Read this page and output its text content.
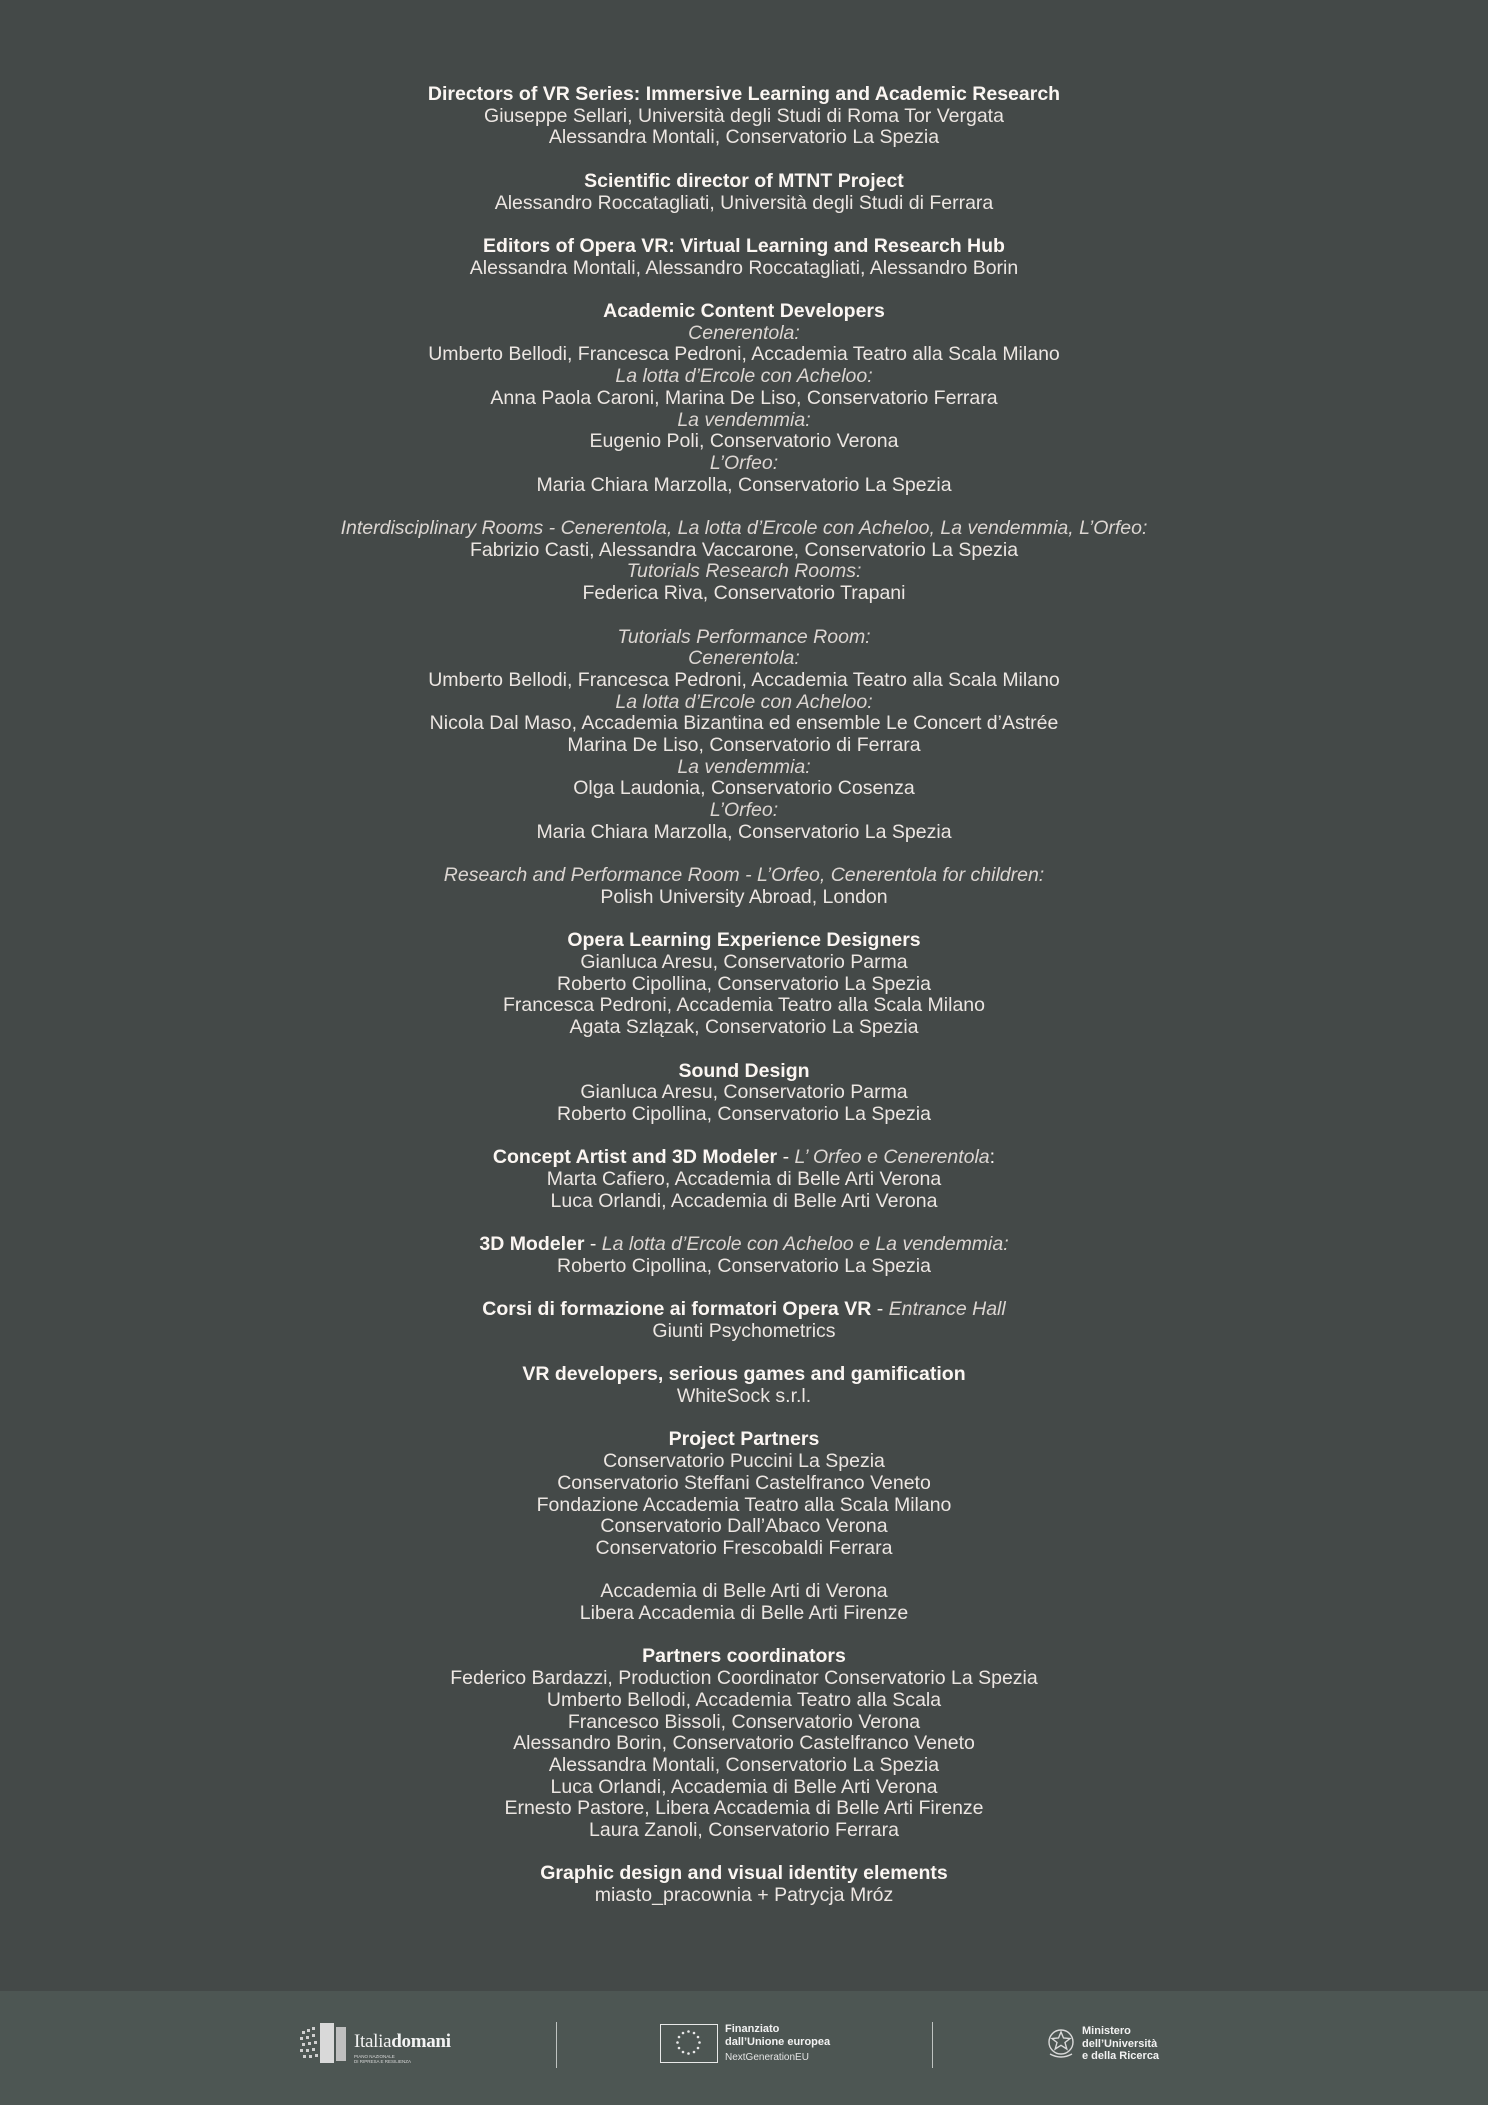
Directors of VR Series: Immersive Learning and Academic Research
Giuseppe Sellari, Università degli Studi di Roma Tor Vergata
Alessandra Montali, Conservatorio La Spezia
Scientific director of MTNT Project
Alessandro Roccatagliati, Università degli Studi di Ferrara
Editors of Opera VR: Virtual Learning and Research Hub
Alessandra Montali, Alessandro Roccatagliati, Alessandro Borin
Academic Content Developers
Cenerentola:
Umberto Bellodi, Francesca Pedroni, Accademia Teatro alla Scala Milano
La lotta d’Ercole con Acheloo:
Anna Paola Caroni, Marina De Liso, Conservatorio Ferrara
La vendemmia:
Eugenio Poli, Conservatorio Verona
L’Orfeo:
Maria Chiara Marzolla, Conservatorio La Spezia
Interdisciplinary Rooms - Cenerentola, La lotta d’Ercole con Acheloo, La vendemmia, L’Orfeo:
Fabrizio Casti, Alessandra Vaccarone, Conservatorio La Spezia
Tutorials Research Rooms:
Federica Riva, Conservatorio Trapani
Tutorials Performance Room:
Cenerentola:
Umberto Bellodi, Francesca Pedroni, Accademia Teatro alla Scala Milano
La lotta d’Ercole con Acheloo:
Nicola Dal Maso, Accademia Bizantina ed ensemble Le Concert d’Astrée
Marina De Liso, Conservatorio di Ferrara
La vendemmia:
Olga Laudonia, Conservatorio Cosenza
L’Orfeo:
Maria Chiara Marzolla, Conservatorio La Spezia
Research and Performance Room - L’Orfeo, Cenerentola for children:
Polish University Abroad, London
Opera Learning Experience Designers
Gianluca Aresu, Conservatorio Parma
Roberto Cipollina, Conservatorio La Spezia
Francesca Pedroni, Accademia Teatro alla Scala Milano
Agata Szlązak, Conservatorio La Spezia
Sound Design
Gianluca Aresu, Conservatorio Parma
Roberto Cipollina, Conservatorio La Spezia
Concept Artist and 3D Modeler - L’ Orfeo e Cenerentola:
Marta Cafiero, Accademia di Belle Arti Verona
Luca Orlandi, Accademia di Belle Arti Verona
3D Modeler - La lotta d’Ercole con Acheloo e La vendemmia:
Roberto Cipollina, Conservatorio La Spezia
Corsi di formazione ai formatori Opera VR - Entrance Hall
Giunti Psychometrics
VR developers, serious games and gamification
WhiteSock s.r.l.
Project Partners
Conservatorio Puccini La Spezia
Conservatorio Steffani Castelfranco Veneto
Fondazione Accademia Teatro alla Scala Milano
Conservatorio Dall’Abaco Verona
Conservatorio Frescobaldi Ferrara
Accademia di Belle Arti di Verona
Libera Accademia di Belle Arti Firenze
Partners coordinators
Federico Bardazzi, Production Coordinator Conservatorio La Spezia
Umberto Bellodi, Accademia Teatro alla Scala
Francesco Bissoli, Conservatorio Verona
Alessandro Borin, Conservatorio Castelfranco Veneto
Alessandra Montali, Conservatorio La Spezia
Luca Orlandi, Accademia di Belle Arti Verona
Ernesto Pastore, Libera Accademia di Belle Arti Firenze
Laura Zanoli, Conservatorio Ferrara
Graphic design and visual identity elements
miasto_pracownia + Patrycja Mróz
Italiadomani
PIANO NAZIONALE
DI RIPRESA E RESILIENZA
Finanziato
dall’Unione europea
NextGenerationEU
Ministero
dell’Università
e della Ricerca
